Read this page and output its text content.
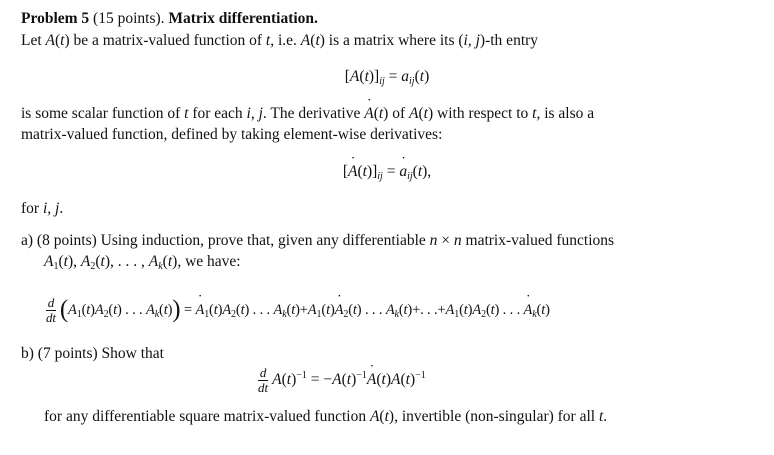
Problem 5 (15 points). Matrix differentiation.
Let A(t) be a matrix-valued function of t, i.e. A(t) is a matrix where its (i, j)-th entry
$[A(t)]_{ij} = a_{ij}(t)$
is some scalar function of t for each i, j. The derivative A ˙(t) of A(t) with respect to t, is also a
matrix-valued function, defined by taking element-wise derivatives:
[A $˙(t)]_{ij} = a$ $˙_{ij}(t)$,
for i, j.
a) (8 points) Using induction, prove that, given any differentiable n × n matrix-valued functions
$A_1(t)$, $A_2(t)$, . . . , $A_k(t)$, we have:
$\frac{d}{dt} (A_1(t)A_2(t)$ . . . $A_k(t)) = A$ $˙_1(t)A_2(t)$ . . . $A_k(t)+A_1(t)A$ $˙_2(t)$ . . . $A_k(t)+$. . $.+A_1(t)A_2(t)$ . . . A $˙_k(t)$
b) (7 points) Show that
$\frac{d}{dt} A(t)^{-1} = -A(t)^{-1}A$ $˙(t)A(t)^{-1}$
for any differentiable square matrix-valued function A(t), invertible (non-singular) for all t.
